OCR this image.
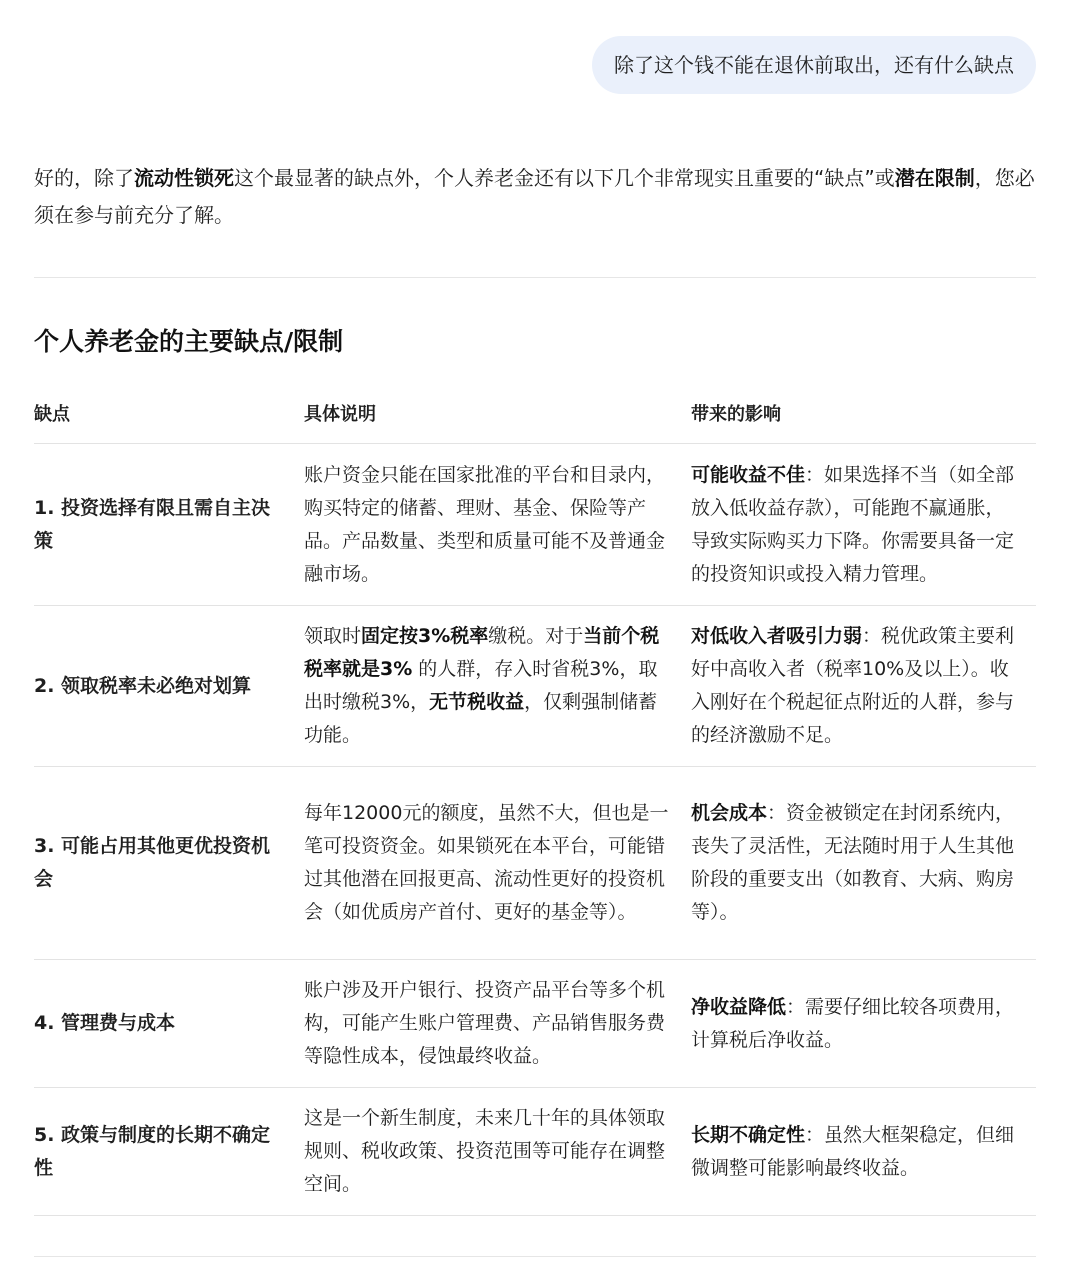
除了这个钱不能在退休前取出，还有什么缺点

好的，除了流动性锁死这个最显著的缺点外，个人养老金还有以下几个非常现实且重要的“缺点”或潜在限制，您必须在参与前充分了解。

个人养老金的主要缺点/限制
缺点	具体说明	带来的影响
1. 投资选择有限且需自主决策	账户资金只能在国家批准的平台和目录内，购买特定的储蓄、理财、基金、保险等产品。产品数量、类型和质量可能不及普通金融市场。	可能收益不佳：如果选择不当（如全部放入低收益存款），可能跑不赢通胀，导致实际购买力下降。你需要具备一定的投资知识或投入精力管理。
2. 领取税率未必绝对划算	领取时固定按3%税率缴税。对于当前个税税率就是3% 的人群，存入时省税3%，取出时缴税3%，无节税收益，仅剩强制储蓄功能。	对低收入者吸引力弱：税优政策主要利好中高收入者（税率10%及以上）。收入刚好在个税起征点附近的人群，参与的经济激励不足。
3. 可能占用其他更优投资机会	每年12000元的额度，虽然不大，但也是一笔可投资资金。如果锁死在本平台，可能错过其他潜在回报更高、流动性更好的投资机会（如优质房产首付、更好的基金等）。	机会成本：资金被锁定在封闭系统内，丧失了灵活性，无法随时用于人生其他阶段的重要支出（如教育、大病、购房等）。
4. 管理费与成本	账户涉及开户银行、投资产品平台等多个机构，可能产生账户管理费、产品销售服务费等隐性成本，侵蚀最终收益。	净收益降低：需要仔细比较各项费用，计算税后净收益。
5. 政策与制度的长期不确定性	这是一个新生制度，未来几十年的具体领取规则、税收政策、投资范围等可能存在调整空间。	长期不确定性：虽然大框架稳定，但细微调整可能影响最终收益。
